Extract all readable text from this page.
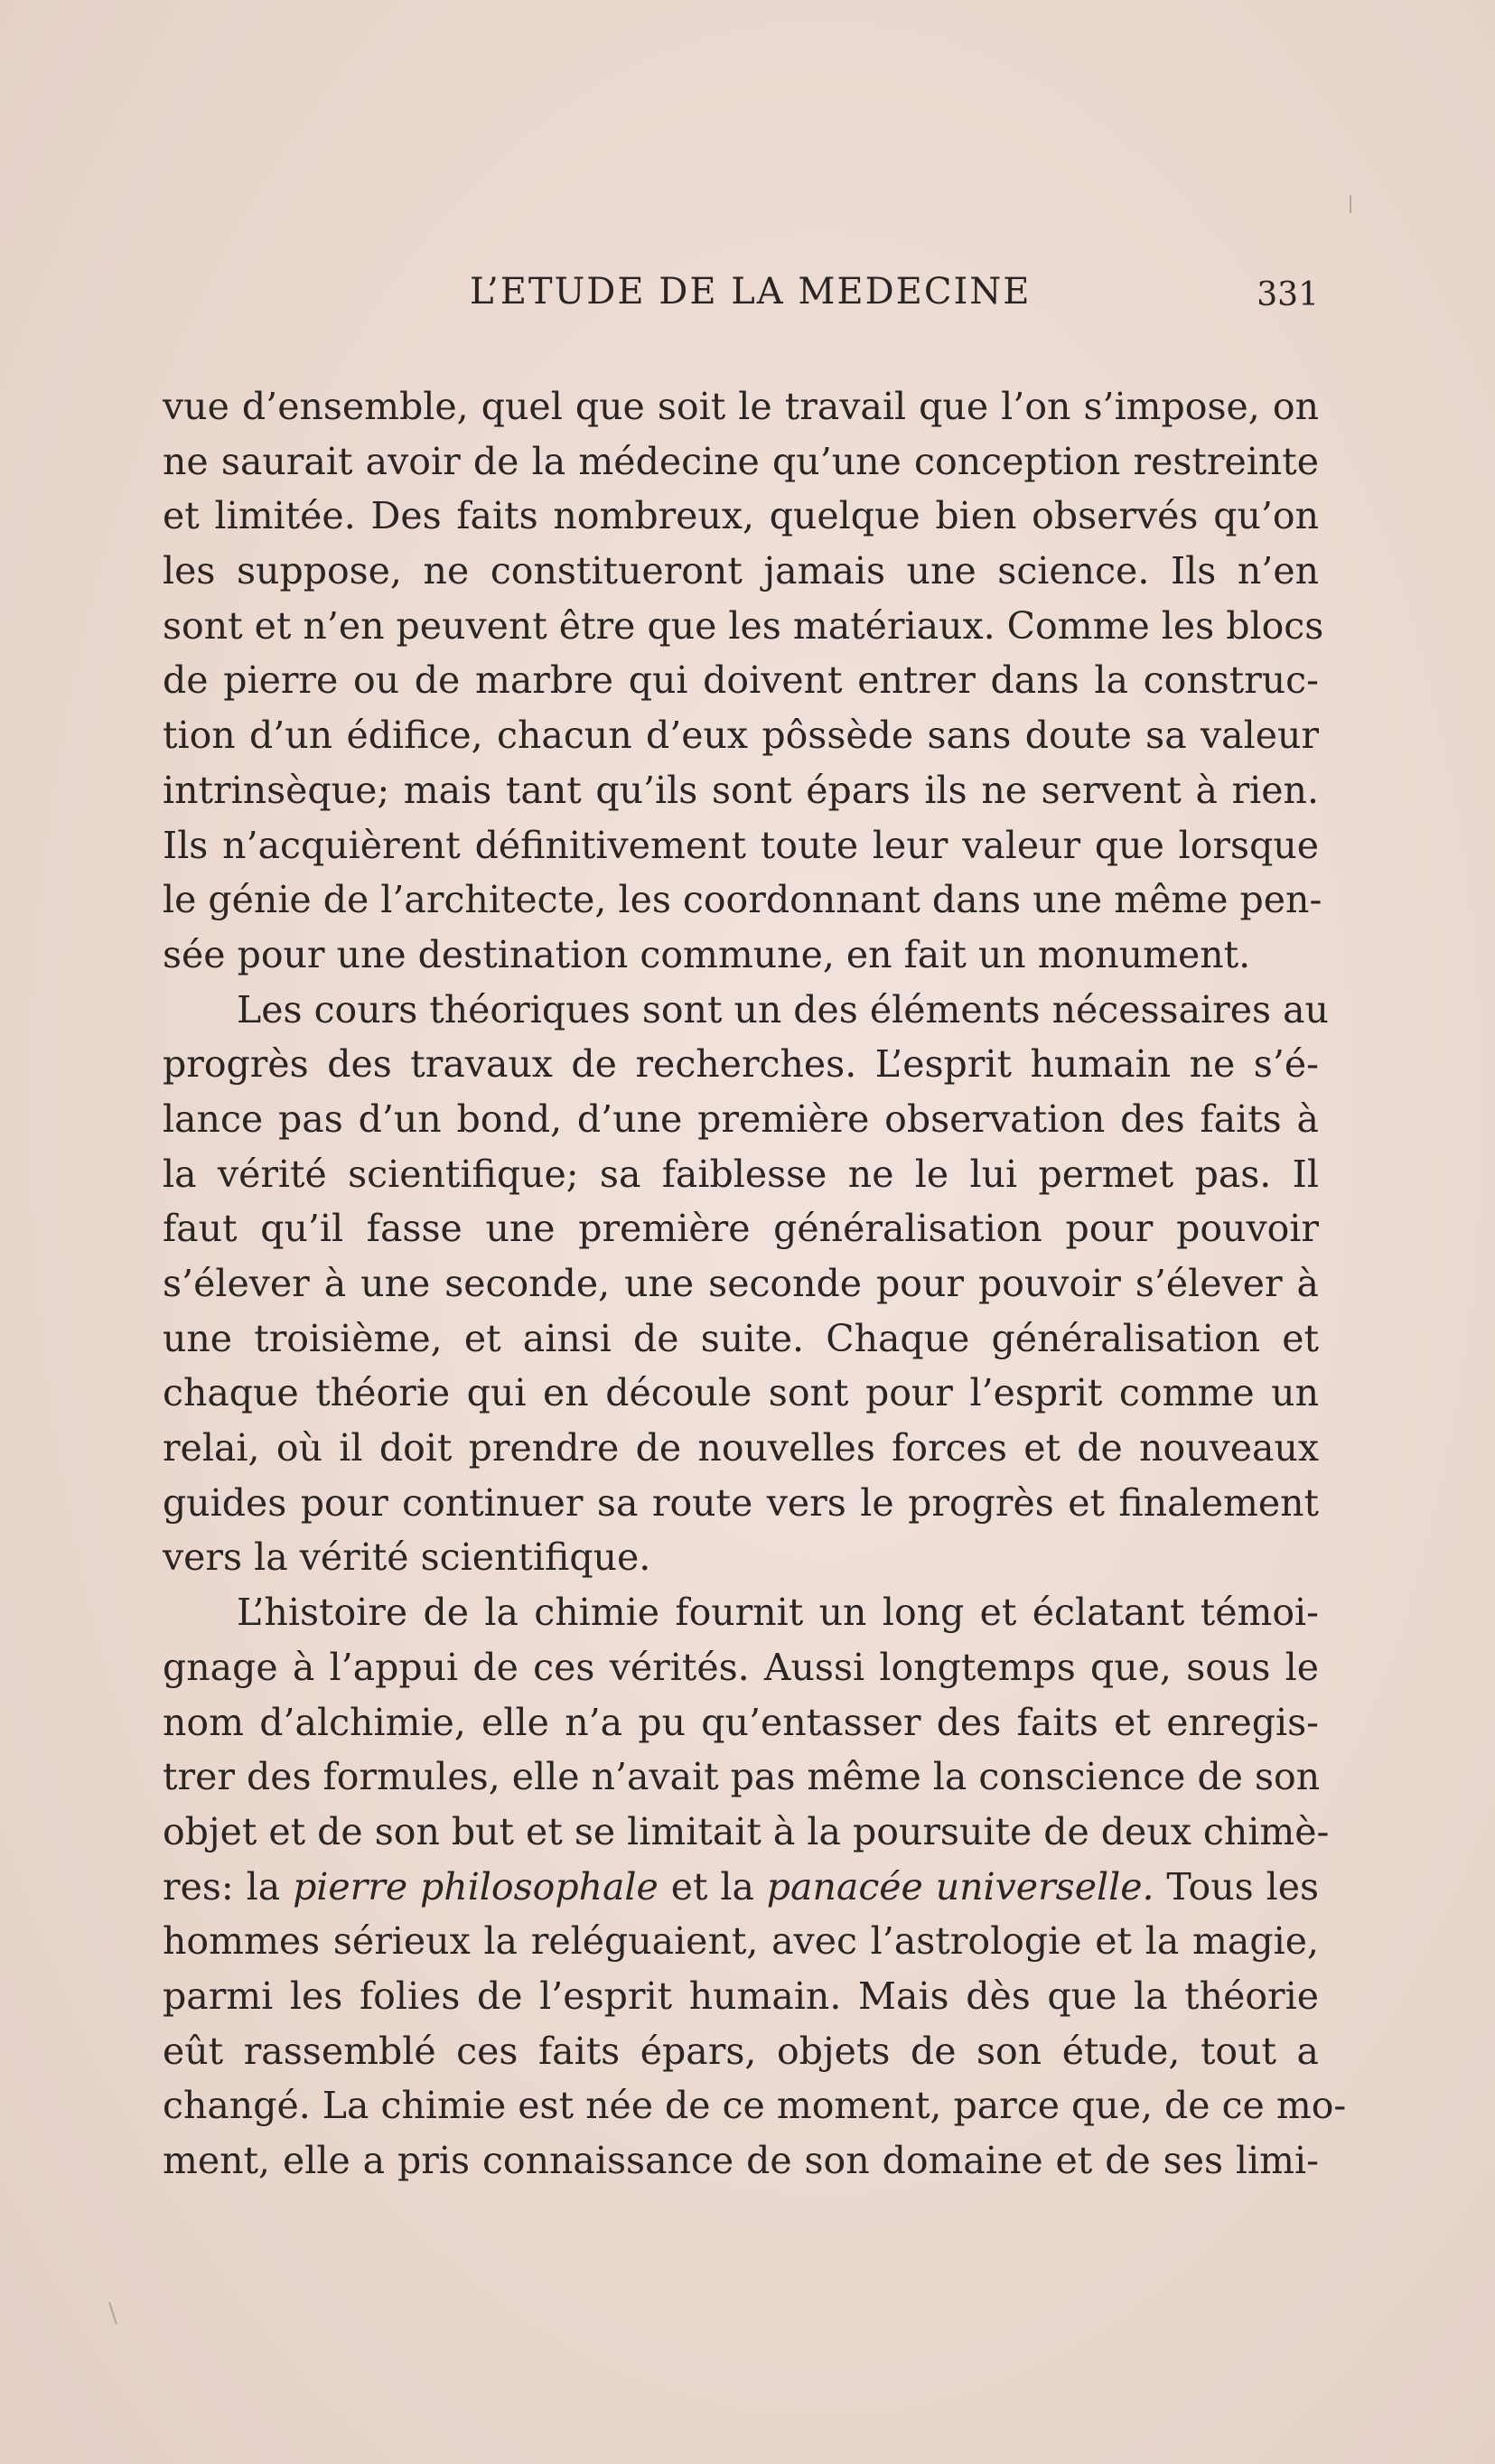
L’ETUDE DE LA MEDECINE	331
vue d’ensemble, quel que soit le travail que l’on s’impose, on
ne saurait avoir de la médecine qu’une conception restreinte
et limitée. Des faits nombreux, quelque bien observés qu’on
les suppose, ne constitueront jamais une science. Ils n’en
sont et n’en peuvent être que les matériaux. Comme les blocs
de pierre ou de marbre qui doivent entrer dans la construc-
tion d’un édifice, chacun d’eux pôssède sans doute sa valeur
intrinsèque; mais tant qu’ils sont épars ils ne servent à rien.
Ils n’acquièrent définitivement toute leur valeur que lorsque
le génie de l’architecte, les coordonnant dans une même pen-
sée pour une destination commune, en fait un monument.
Les cours théoriques sont un des éléments nécessaires au
progrès des travaux de recherches. L’esprit humain ne s’é-
lance pas d’un bond, d’une première observation des faits à
la vérité scientifique; sa faiblesse ne le lui permet pas. Il
faut qu’il fasse une première généralisation pour pouvoir
s’élever à une seconde, une seconde pour pouvoir s’élever à
une troisième, et ainsi de suite. Chaque généralisation et
chaque théorie qui en découle sont pour l’esprit comme un
relai, où il doit prendre de nouvelles forces et de nouveaux
guides pour continuer sa route vers le progrès et finalement
vers la vérité scientifique.
L’histoire de la chimie fournit un long et éclatant témoi-
gnage à l’appui de ces vérités. Aussi longtemps que, sous le
nom d’alchimie, elle n’a pu qu’entasser des faits et enregis-
trer des formules, elle n’avait pas même la conscience de son
objet et de son but et se limitait à la poursuite de deux chimè-
res: la pierre philosophale et la panacée universelle. Tous les
hommes sérieux la reléguaient, avec l’astrologie et la magie,
parmi les folies de l’esprit humain. Mais dès que la théorie
eût rassemblé ces faits épars, objets de son étude, tout a
changé. La chimie est née de ce moment, parce que, de ce mo-
ment, elle a pris connaissance de son domaine et de ses limi-
